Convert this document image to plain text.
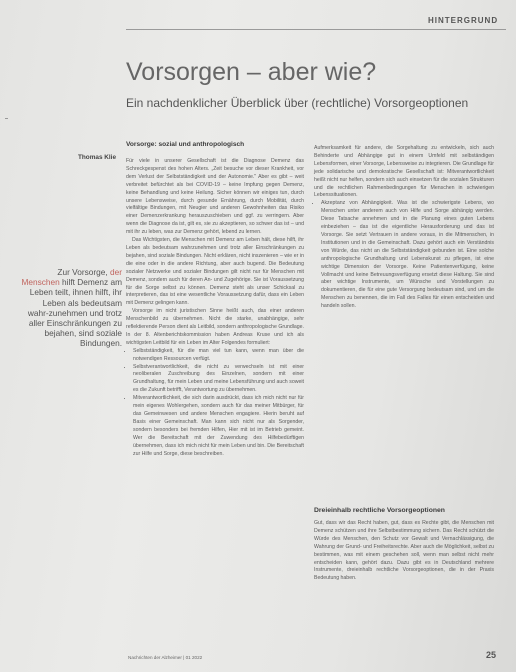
HINTERGRUND
Vorsorgen – aber wie?
Ein nachdenklicher Überblick über (rechtliche) Vorsorgeoptionen
Thomas Klie
Zur Vorsorge, der Menschen hilft Demenz am Leben teilt, ihnen hilft, ihr Leben als bedeutsam wahr-zunehmen und trotz aller Einschränkungen zu bejahen, sind soziale Bindungen.
Vorsorge: sozial und anthropologisch

Für viele in unserer Gesellschaft ist die Diagnose Demenz das Schreckgespenst des hohen Alters. „Zeit besuche vor dieser Krankheit, vor dem Verlust der Selbstständigkeit und der Autonomie." Aber es gibt – weit verbreitet befürchtet als bei COVID-19 – keine Impfung gegen Demenz, keine Behandlung und keine Heilung. Sicher können wir einiges tun, durch unsere Lebensweise, durch gesunde Ernährung, durch Mobilität, durch vielfältige Bindungen, mit Neugier und anderen Gewohnheiten das Risiko einer Demenzerkrankung herauszuschieben und ggf. zu verringern. Aber wenn die Diagnose da ist, gilt es, sie zu akzeptieren, so schwer das ist – und mit ihr zu leben, was zur Demenz gehört, lebend zu lernen.

Das Wichtigsten, die Menschen mit Demenz am Leben hält, diese hilft, ihr Leben als bedeutsam wahrzunehmen und trotz aller Einschränkungen zu bejahen, sind soziale Bindungen. Nicht erklären, nicht inszenieren – wie er in die eine oder in die andere Richtung, aber auch bugend. Die Bedeutung sozialer Netzwerke und sozialer Bindungen gilt nicht nur für Menschen mit Demenz, sondern auch für deren An- und Zugehörige. Sie ist Voraussetzung für die Sorge selbst zu können. Demenz steht als unser Schicksal zu interpretieren, das ist eine wesentliche Voraussetzung dafür, dass ein Leben mit Demenz gelingen kann.

Vorsorge im nicht juristischen Sinne heißt auch, das einer anderen Menschenbild zu übernehmen. Nicht die starke, unabhängige, sehr reflektierende Person dient als Leitbild, sondern anthropologische Grundlage. In der 8. Altenberichtskommission haben Andreas Kruse und ich als wichtigsten Leitbild für ein Leben im Alter Folgendes formuliert:

• Selbstständigkeit, für die man viel tun kann, wenn man über die notwendigen Ressourcen verfügt.
• Selbstverantwortlichkeit, die nicht zu verwechseln ist mit einer neoliberalen Zuschreibung des Einzelnen, sondern mit einer Grundhaltung, für mein Leben und meine Lebensführung und auch soweit es die Zukunft betrifft, Verantwortung zu übernehmen.
• Mitverantwortlichkeit, die sich darin ausdrückt, dass ich mich nicht nur für mein eigenes Wohlergehen, sondern auch für das meiner Mitbürger, für das Gemeinwesen und andere Menschen engagiere. Hierin beruht auf Basis einer Gemeinschaft. Man kann sich nicht nur als Sorgender, sondern besonders bei fremden Hilfen, Hier mit ist im Betrieb gemeint. Wer die Bereitschaft mit der Zuwendung des Hilfebedürftigen übernehmen, dass ich mich nicht für mein Leben und bin. Die Bereitschaft zur Hilfe und Sorge, diese beschreiben.

Aufmerksamkeit für andere, die Sorgehaltung zu entwickeln, sich auch Behinderte und Abhängige gut in einem Umfeld mit selbständigen Lebensformen, einer Vorsorge, Lebensweise zu integrieren. Die Grundlage für jede solidarische und demokratische Gesellschaft ist: Mitverantwortlichkeit heißt nicht nur helfen, sondern sich auch einsetzen für die sozialen Strukturen und die rechtlichen Rahmenbedingungen für Menschen in schwierigen Lebenssituationen.

• Akzeptanz von Abhängigkeit. Was ist die schwierigste Lebens, wo Menschen unter anderem auch von Hilfe und Sorge abhängig werden. Diese Tatsache annehmen und in die Planung eines guten Lebens einbeziehen – das ist die eigentliche Herausforderung und das ist Vorsorge. Sie setzt Vertrauen in andere voraus, in die Mitmenschen, in Institutionen und in die Gemeinschaft. Dazu gehört auch ein Verständnis von Würde, das nicht an die Selbstständigkeit gebunden ist. Eine solche anthropologische Grundhaltung und Lebenskunst zu pflegen, ist eine wichtige Dimension der Vorsorge. Keine Patientenverfügung, keine Vollmacht und keine Betreuungsverfügung ersetzt diese Haltung. Sie sind aber wichtige Instrumente, um Wünsche und Vorstellungen zu dokumentieren, die für eine gute Versorgung bedeutsam sind, und um die Menschen zu benennen, die im Fall des Falles für einen entscheiden und handeln sollen.
Dreieinhalb rechtliche Vorsorgeoptionen

Gut, dass wir das Recht haben, gut, dass es Rechte gibt, die Menschen mit Demenz schützen und ihre Selbstbestimmung sichern. Das Recht schützt die Würde des Menschen, den Schutz vor Gewalt und Vernachlässigung, die Wahrung der Grund- und Freiheitsrechte. Aber auch die Möglichkeit, selbst zu bestimmen, was mit einem geschehen soll, wenn man selbst nicht mehr entscheiden kann, gehört dazu. Dazu gibt es in Deutschland mehrere Instrumente, dreieinhalb rechtliche Vorsorgeoptionen, die in der Praxis Bedeutung haben.

Nachrichten der Alzheimer | 01 2022	25
